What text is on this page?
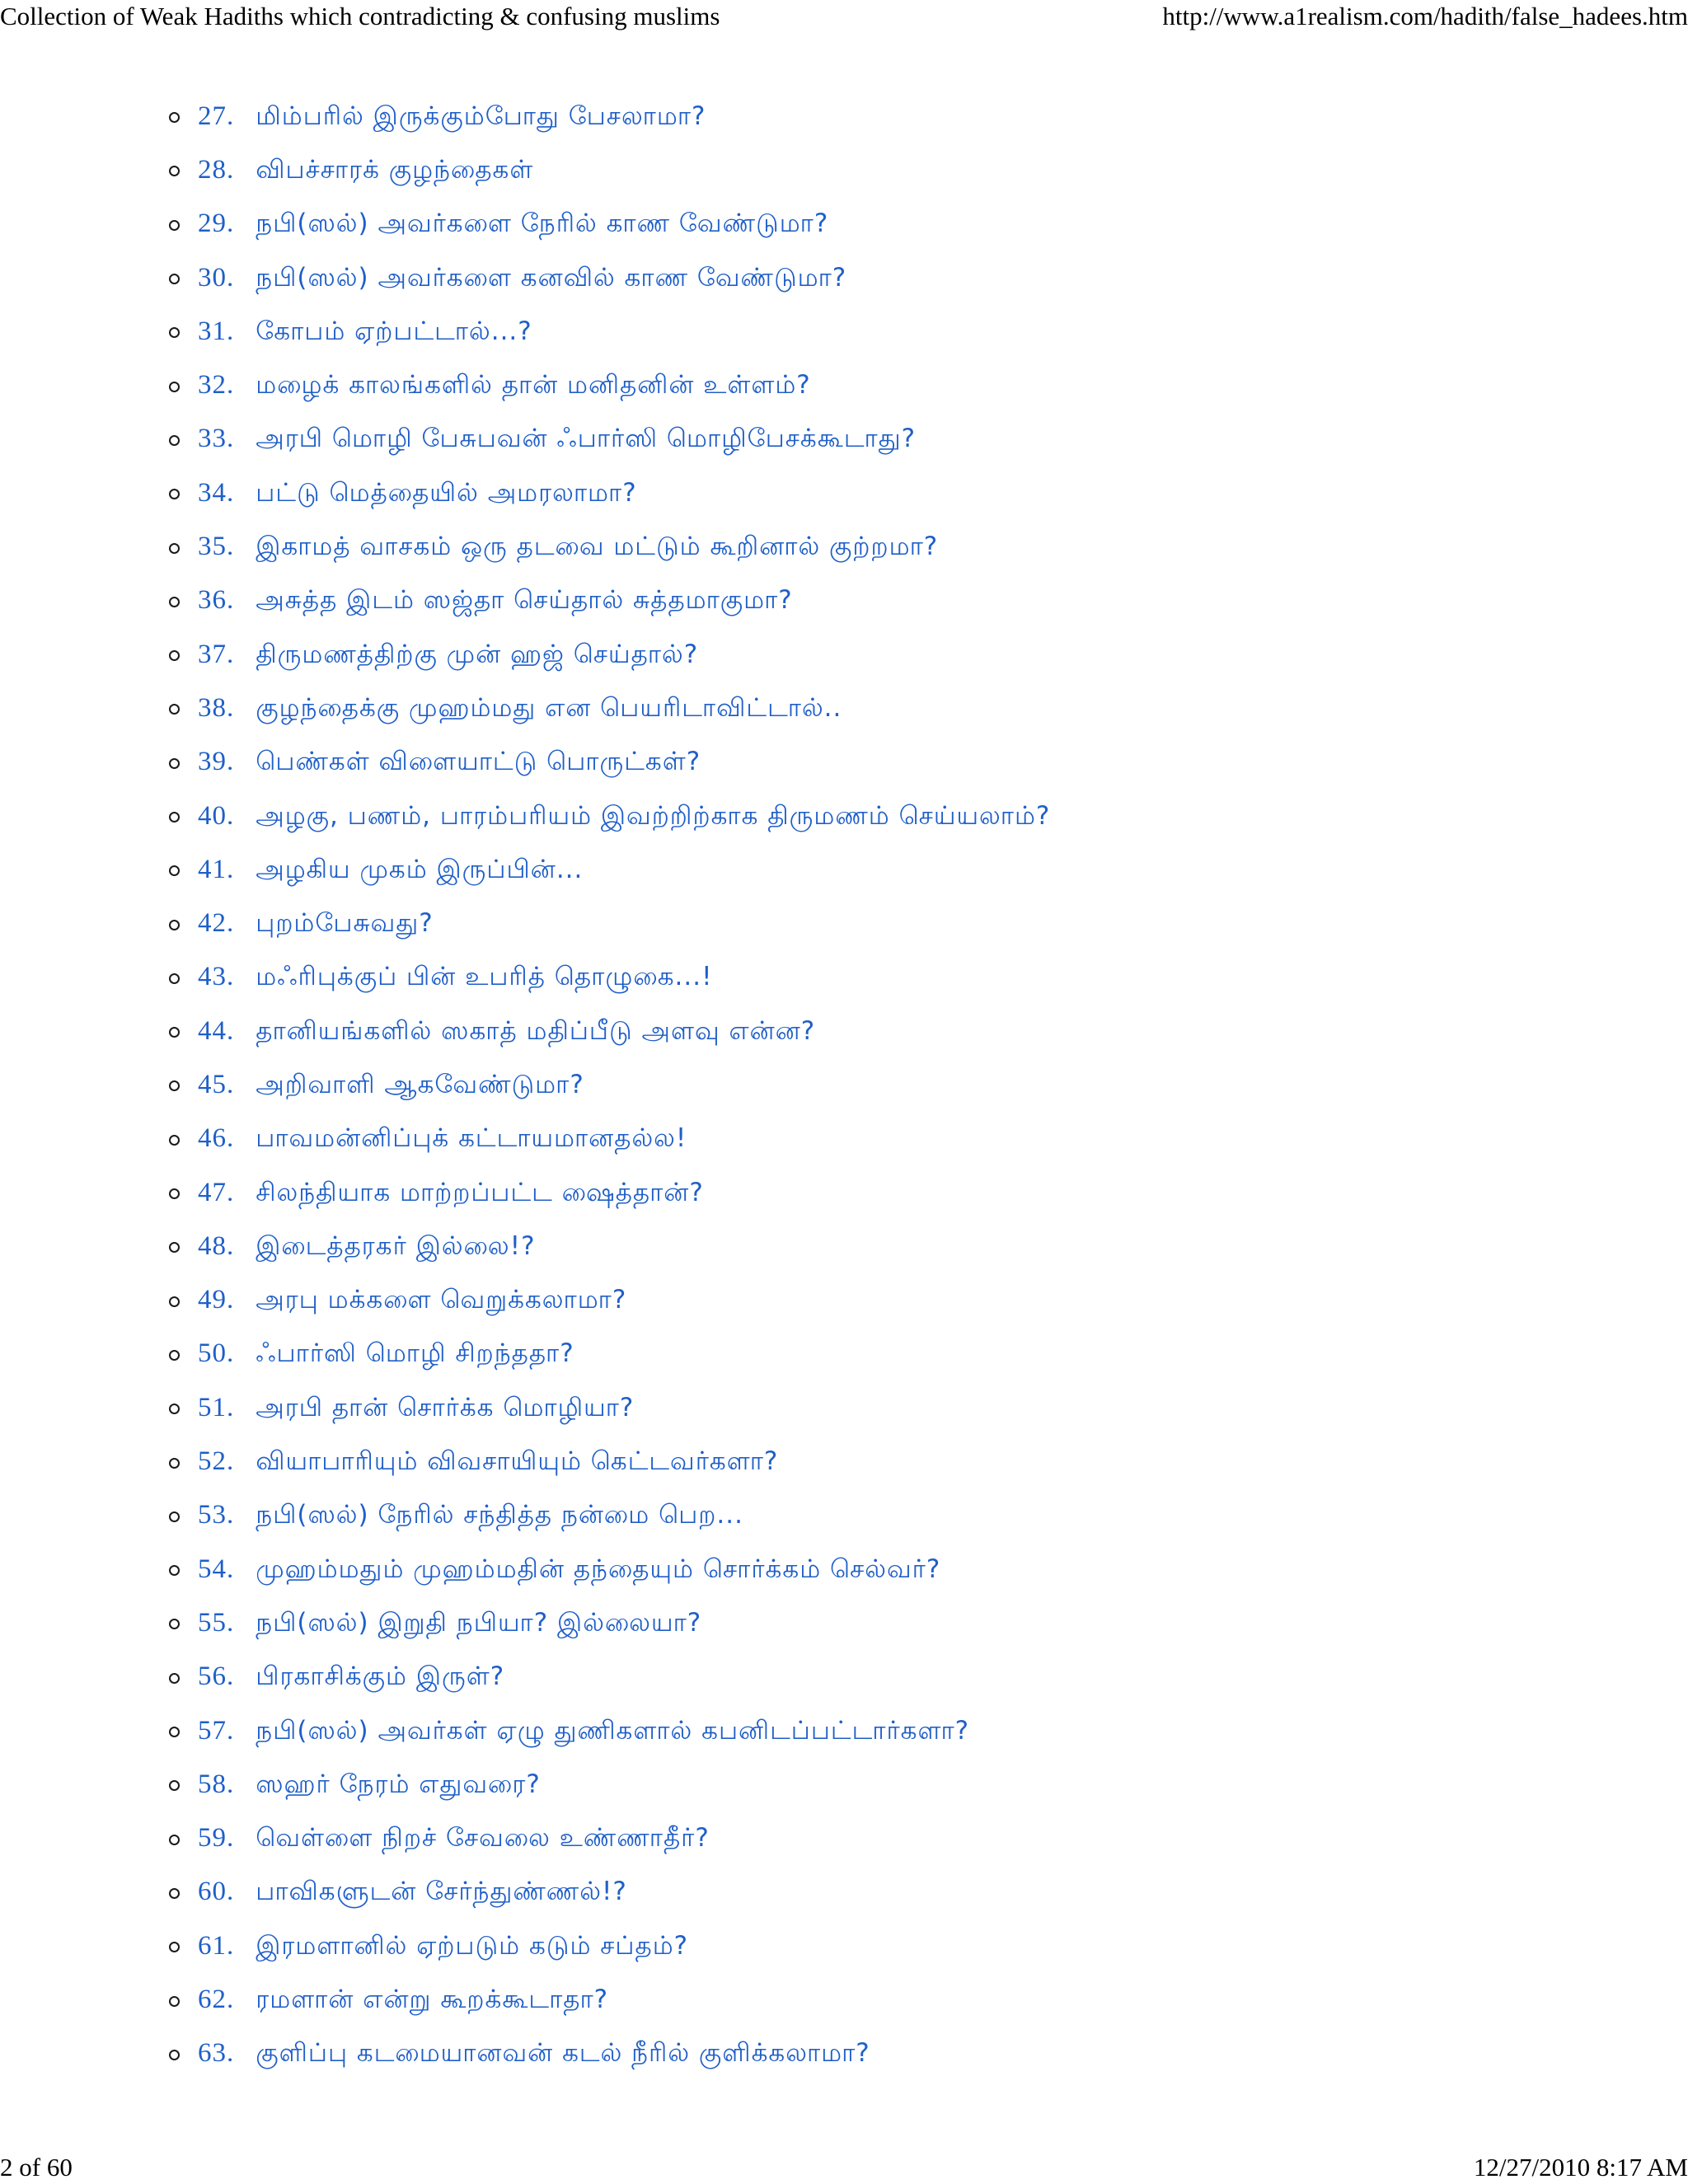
Collection of Weak Hadiths which contradicting & confusing muslims	http://www.a1realism.com/hadith/false_hadees.htm
27. மிம்பரில் இருக்கும்போது பேசலாமா?
28. விபச்சாரக் குழந்தைகள்
29. நபி(ஸல்) அவர்களை நேரில் காண வேண்டுமா?
30. நபி(ஸல்) அவர்களை கனவில் காண வேண்டுமா?
31. கோபம் ஏற்பட்டால்...?
32. மழைக் காலங்களில் தான் மனிதனின் உள்ளம்?
33. அரபி மொழி பேசுபவன் ஃபார்ஸி மொழிபேசக்கூடாது?
34. பட்டு மெத்தையில் அமரலாமா?
35. இகாமத் வாசகம் ஒரு தடவை மட்டும் கூறினால் குற்றமா?
36. அசுத்த இடம் ஸஜ்தா செய்தால் சுத்தமாகுமா?
37. திருமணத்திற்கு முன் ஹஜ் செய்தால்?
38. குழந்தைக்கு முஹம்மது என பெயரிடாவிட்டால்..
39. பெண்கள் விளையாட்டு பொருட்கள்?
40. அழகு, பணம், பாரம்பரியம் இவற்றிற்காக திருமணம் செய்யலாம்?
41. அழகிய முகம் இருப்பின்...
42. புறம்பேசுவது?
43. மஃரிபுக்குப் பின் உபரித் தொழுகை...!
44. தானியங்களில் ஸகாத் மதிப்பீடு அளவு என்ன?
45. அறிவாளி ஆகவேண்டுமா?
46. பாவமன்னிப்புக் கட்டாயமானதல்ல!
47. சிலந்தியாக மாற்றப்பட்ட ஷைத்தான்?
48. இடைத்தரகர் இல்லை!?
49. அரபு மக்களை வெறுக்கலாமா?
50. ஃபார்ஸி மொழி சிறந்ததா?
51. அரபி தான் சொர்க்க மொழியா?
52. வியாபாரியும் விவசாயியும் கெட்டவர்களா?
53. நபி(ஸல்) நேரில் சந்தித்த நன்மை பெற...
54. முஹம்மதும் முஹம்மதின் தந்தையும் சொர்க்கம் செல்வர்?
55. நபி(ஸல்) இறுதி நபியா? இல்லையா?
56. பிரகாசிக்கும் இருள்?
57. நபி(ஸல்) அவர்கள் ஏழு துணிகளால் கபனிடப்பட்டார்களா?
58. ஸஹர் நேரம் எதுவரை?
59. வெள்ளை நிறச் சேவலை உண்ணாதீர்?
60. பாவிகளுடன் சேர்ந்துண்ணல்!?
61. இரமளானில் ஏற்படும் கடும் சப்தம்?
62. ரமளான் என்று கூறக்கூடாதா?
63. குளிப்பு கடமையானவன் கடல் நீரில் குளிக்கலாமா?
2 of 60	12/27/2010 8:17 AM
